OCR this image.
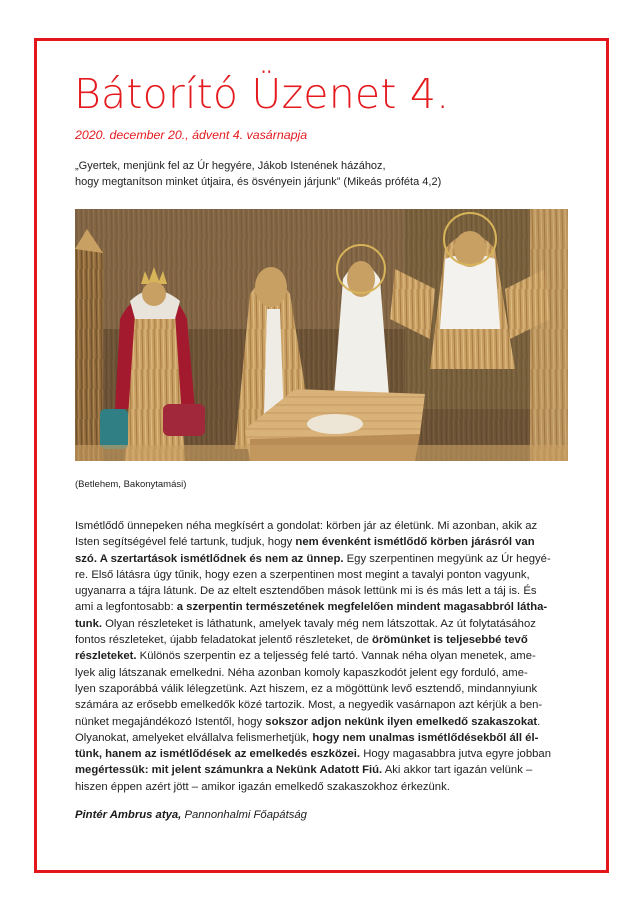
Bátorító Üzenet 4.
2020. december 20., ádvent 4. vasárnapja
„Gyertek, menjünk fel az Úr hegyére, Jákob Istenének házához,
hogy megtanítson minket útjaira, és ösvényein járjunk” (Mikeás próféta 4,2)
(Betlehem, Bakonytamási)
Ismétlődő ünnepeken néha megkísért a gondolat: körben jár az életünk. Mi azonban, akik az
Isten segítségével felé tartunk, tudjuk, hogy nem évenként ismétlődő körben járásról van
szó. A szertartások ismétlődnek és nem az ünnep. Egy szerpentinen megyünk az Úr hegyé-
re. Első látásra úgy tűnik, hogy ezen a szerpentinen most megint a tavalyi ponton vagyunk,
ugyanarra a tájra látunk. De az eltelt esztendőben mások lettünk mi is és más lett a táj is. És
ami a legfontosabb: a szerpentin természetének megfelelően mindent magasabbról látha-
tunk. Olyan részleteket is láthatunk, amelyek tavaly még nem látszottak. Az út folytatásához
fontos részleteket, újabb feladatokat jelentő részleteket, de örömünket is teljesebbé tevő
részleteket. Különös szerpentin ez a teljesség felé tartó. Vannak néha olyan menetek, ame-
lyek alig látszanak emelkedni. Néha azonban komoly kapaszkodót jelent egy forduló, ame-
lyen szaporábbá válik lélegzetünk. Azt hiszem, ez a mögöttünk levő esztendő, mindannyiunk
számára az erősebb emelkedők közé tartozik. Most, a negyedik vasárnapon azt kérjük a ben-
nünket megajándékozó Istentől, hogy sokszor adjon nekünk ilyen emelkedő szakaszokat.
Olyanokat, amelyeket elvállalva felismerhetjük, hogy nem unalmas ismétlődésekből áll él-
tünk, hanem az ismétlődések az emelkedés eszközei. Hogy magasabbra jutva egyre jobban
megértessük: mit jelent számunkra a Nekünk Adatott Fiú. Aki akkor tart igazán velünk –
hiszen éppen azért jött – amikor igazán emelkedő szakaszokhoz érkezünk.
Pintér Ambrus atya, Pannonhalmi Főapátság
